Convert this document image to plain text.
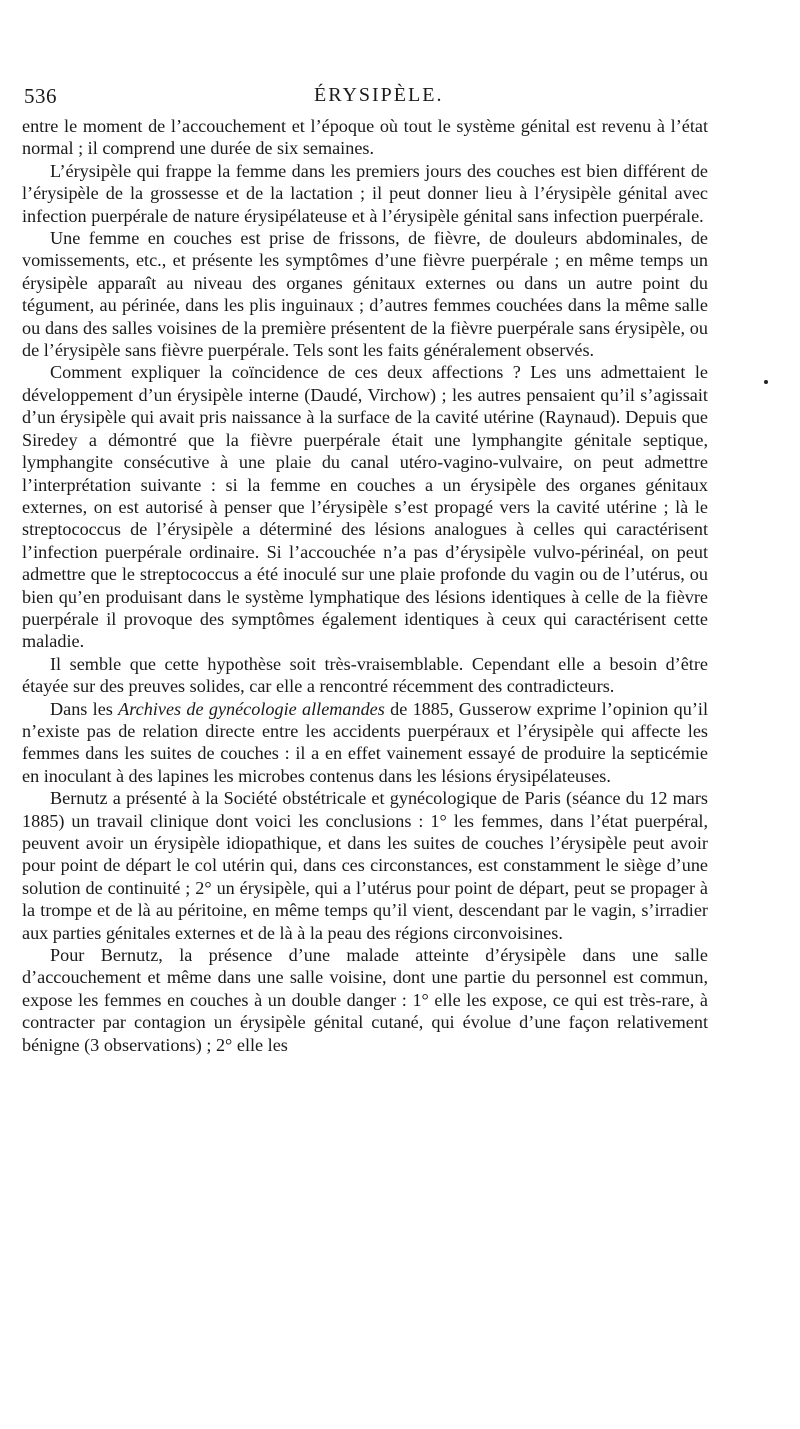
536	ÉRYSIPÈLE.

entre le moment de l’accouchement et l’époque où tout le système génital est revenu à l’état normal ; il comprend une durée de six semaines.

L’érysipèle qui frappe la femme dans les premiers jours des couches est bien différent de l’érysipèle de la grossesse et de la lactation ; il peut donner lieu à l’érysipèle génital avec infection puerpérale de nature érysipélateuse et à l’érysipèle génital sans infection puerpérale.

Une femme en couches est prise de frissons, de fièvre, de douleurs abdominales, de vomissements, etc., et présente les symptômes d’une fièvre puerpérale ; en même temps un érysipèle apparaît au niveau des organes génitaux externes ou dans un autre point du tégument, au périnée, dans les plis inguinaux ; d’autres femmes couchées dans la même salle ou dans des salles voisines de la première présentent de la fièvre puerpérale sans érysipèle, ou de l’érysipèle sans fièvre puerpérale. Tels sont les faits généralement observés.

Comment expliquer la coïncidence de ces deux affections ? Les uns admettaient le développement d’un érysipèle interne (Daudé, Virchow) ; les autres pensaient qu’il s’agissait d’un érysipèle qui avait pris naissance à la surface de la cavité utérine (Raynaud). Depuis que Siredey a démontré que la fièvre puerpérale était une lymphangite génitale septique, lymphangite consécutive à une plaie du canal utéro-vagino-vulvaire, on peut admettre l’interprétation suivante : si la femme en couches a un érysipèle des organes génitaux externes, on est autorisé à penser que l’érysipèle s’est propagé vers la cavité utérine ; là le streptococcus de l’érysipèle a déterminé des lésions analogues à celles qui caractérisent l’infection puerpérale ordinaire. Si l’accouchée n’a pas d’érysipèle vulvo-périnéal, on peut admettre que le streptococcus a été inoculé sur une plaie profonde du vagin ou de l’utérus, ou bien qu’en produisant dans le système lymphatique des lésions identiques à celle de la fièvre puerpérale il provoque des symptômes également identiques à ceux qui caractérisent cette maladie.

Il semble que cette hypothèse soit très-vraisemblable. Cependant elle a besoin d’être étayée sur des preuves solides, car elle a rencontré récemment des contradicteurs.

Dans les Archives de gynécologie allemandes de 1885, Gusserow exprime l’opinion qu’il n’existe pas de relation directe entre les accidents puerpéraux et l’érysipèle qui affecte les femmes dans les suites de couches : il a en effet vainement essayé de produire la septicémie en inoculant à des lapines les microbes contenus dans les lésions érysipélateuses.

Bernutz a présenté à la Société obstétricale et gynécologique de Paris (séance du 12 mars 1885) un travail clinique dont voici les conclusions : 1° les femmes, dans l’état puerpéral, peuvent avoir un érysipèle idiopathique, et dans les suites de couches l’érysipèle peut avoir pour point de départ le col utérin qui, dans ces circonstances, est constamment le siège d’une solution de continuité ; 2° un érysipèle, qui a l’utérus pour point de départ, peut se propager à la trompe et de là au péritoine, en même temps qu’il vient, descendant par le vagin, s’irradier aux parties génitales externes et de là à la peau des régions circonvoisines.

Pour Bernutz, la présence d’une malade atteinte d’érysipèle dans une salle d’accouchement et même dans une salle voisine, dont une partie du personnel est commun, expose les femmes en couches à un double danger : 1° elle les expose, ce qui est très-rare, à contracter par contagion un érysipèle génital cutané, qui évolue d’une façon relativement bénigne (3 observations) ; 2° elle les
